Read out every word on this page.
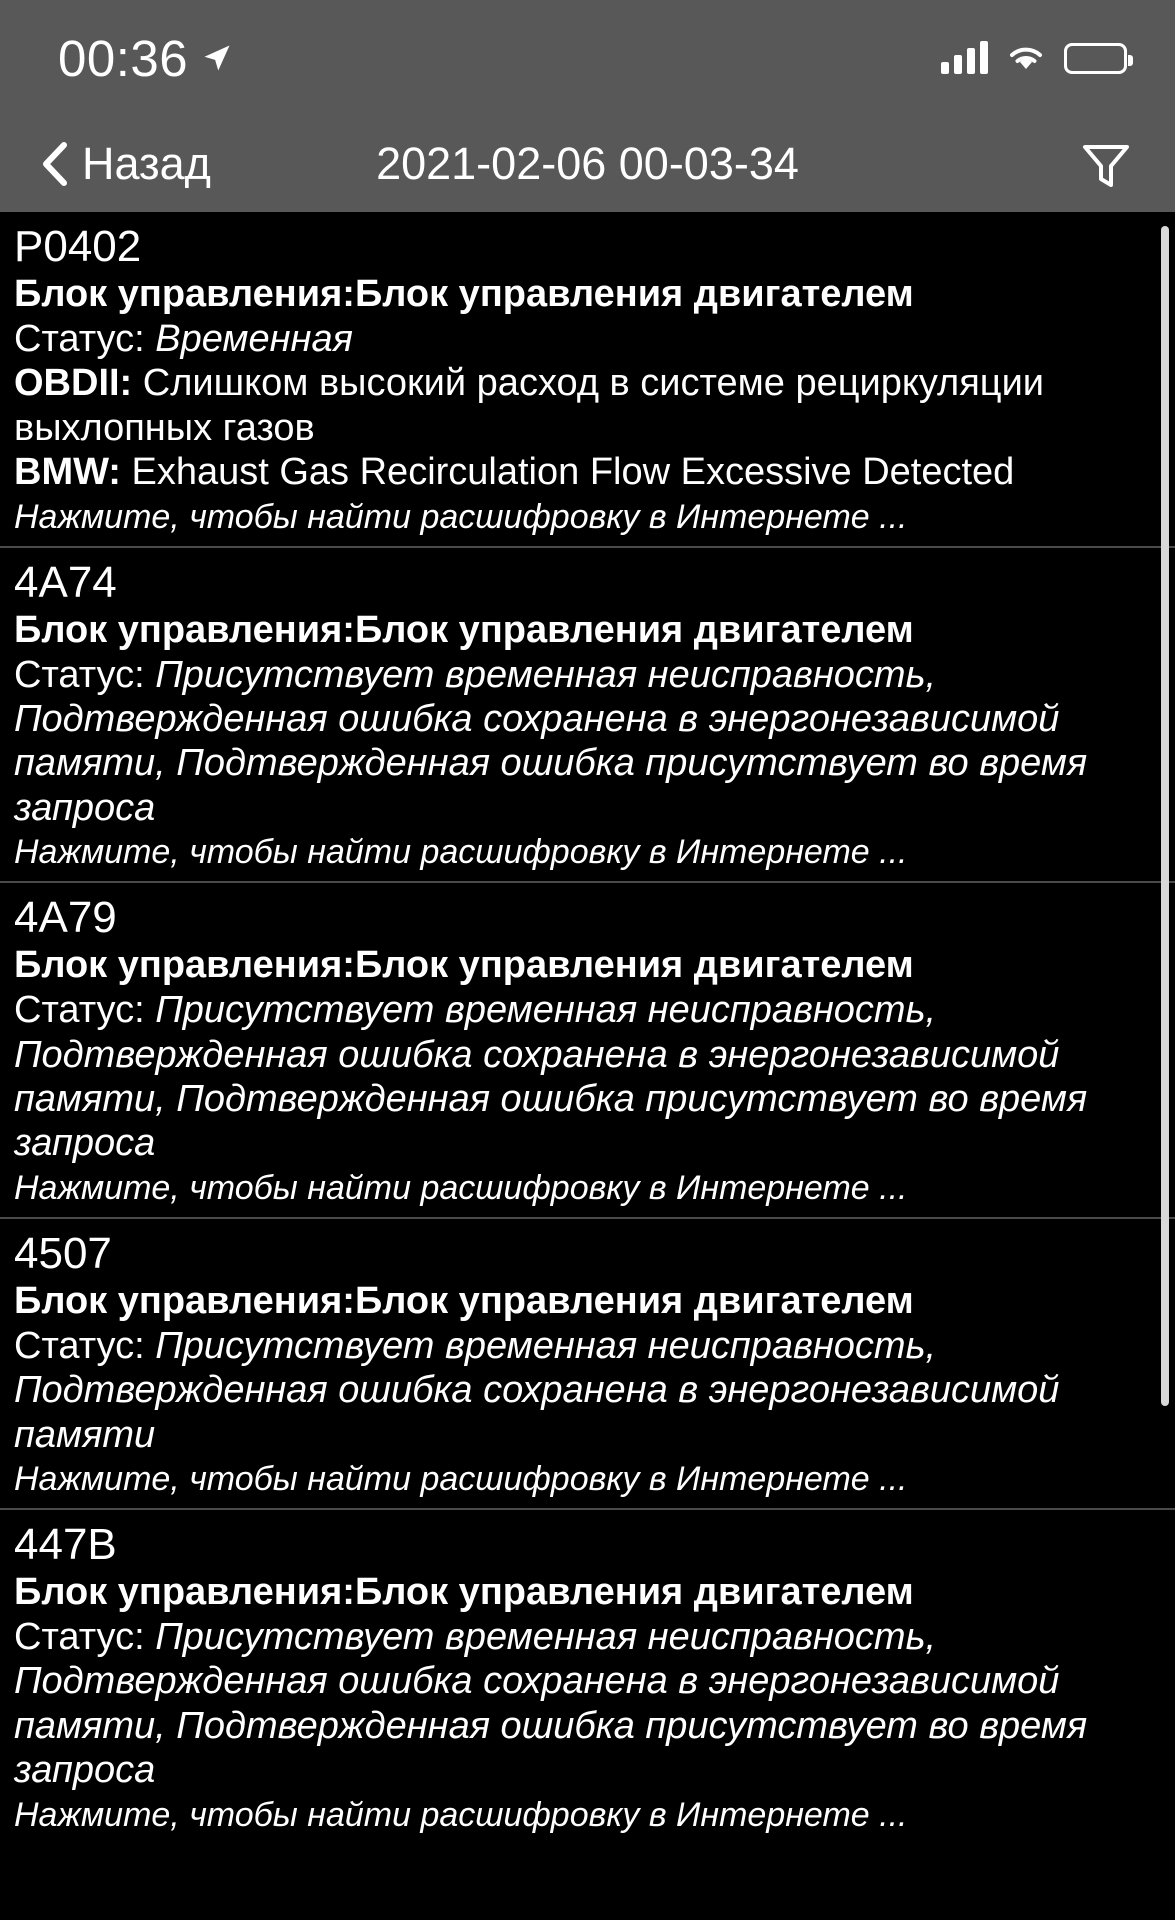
00:36
Назад	2021-02-06 00-03-34
P0402
Блок управления:Блок управления двигателем
Статус: Временная
OBDII: Слишком высокий расход в системе рециркуляции выхлопных газов
BMW: Exhaust Gas Recirculation Flow Excessive Detected
Нажмите, чтобы найти расшифровку в Интернете ...
4A74
Блок управления:Блок управления двигателем
Статус: Присутствует временная неисправность, Подтвержденная ошибка сохранена в энергонезависимой памяти, Подтвержденная ошибка присутствует во время запроса
Нажмите, чтобы найти расшифровку в Интернете ...
4A79
Блок управления:Блок управления двигателем
Статус: Присутствует временная неисправность, Подтвержденная ошибка сохранена в энергонезависимой памяти, Подтвержденная ошибка присутствует во время запроса
Нажмите, чтобы найти расшифровку в Интернете ...
4507
Блок управления:Блок управления двигателем
Статус: Присутствует временная неисправность, Подтвержденная ошибка сохранена в энергонезависимой памяти
Нажмите, чтобы найти расшифровку в Интернете ...
447B
Блок управления:Блок управления двигателем
Статус: Присутствует временная неисправность, Подтвержденная ошибка сохранена в энергонезависимой памяти, Подтвержденная ошибка присутствует во время запроса
Нажмите, чтобы найти расшифровку в Интернете ...
